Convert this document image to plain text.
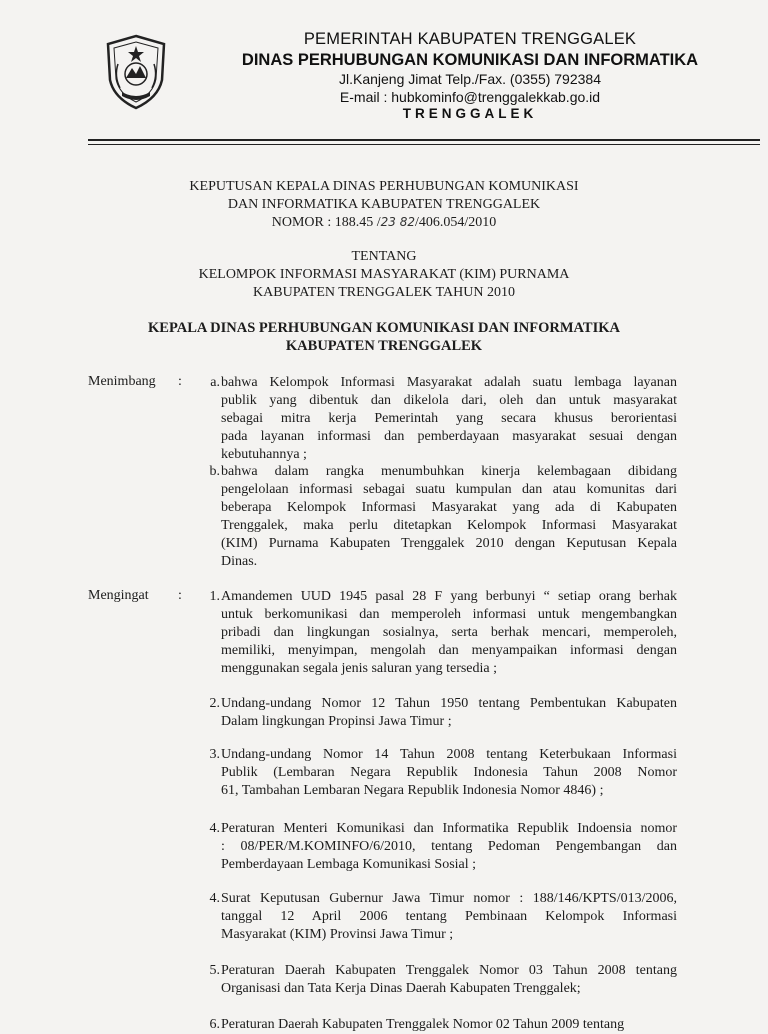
PEMERINTAH KABUPATEN TRENGGALEK
DINAS PERHUBUNGAN KOMUNIKASI DAN INFORMATIKA
Jl.Kanjeng Jimat Telp./Fax. (0355) 792384
E-mail : hubkominfo@trenggalekkab.go.id
TRENGGALEK
KEPUTUSAN KEPALA DINAS PERHUBUNGAN KOMUNIKASI
DAN INFORMATIKA KABUPATEN TRENGGALEK
NOMOR : 188.45 /23 82/406.054/2010
TENTANG
KELOMPOK INFORMASI MASYARAKAT (KIM) PURNAMA
KABUPATEN TRENGGALEK TAHUN 2010
KEPALA DINAS PERHUBUNGAN KOMUNIKASI DAN INFORMATIKA
KABUPATEN TRENGGALEK
Menimbang :
Mengingat :
a. bahwa Kelompok Informasi Masyarakat adalah suatu lembaga layanan
publik yang dibentuk dan dikelola dari, oleh dan untuk masyarakat
sebagai mitra kerja Pemerintah yang secara khusus berorientasi
pada layanan informasi dan pemberdayaan masyarakat sesuai dengan
kebutuhannya ;
b. bahwa dalam rangka menumbuhkan kinerja kelembagaan dibidang
pengelolaan informasi sebagai suatu kumpulan dan atau komunitas dari
beberapa Kelompok Informasi Masyarakat yang ada di Kabupaten
Trenggalek, maka perlu ditetapkan Kelompok Informasi Masyarakat
(KIM) Purnama Kabupaten Trenggalek 2010 dengan Keputusan Kepala
Dinas.
1. Amandemen UUD 1945 pasal 28 F yang berbunyi “ setiap orang berhak
untuk berkomunikasi dan memperoleh informasi untuk mengembangkan
pribadi dan lingkungan sosialnya, serta berhak mencari, memperoleh,
memiliki, menyimpan, mengolah dan menyampaikan informasi dengan
menggunakan segala jenis saluran yang tersedia ;
2. Undang-undang Nomor 12 Tahun 1950 tentang Pembentukan Kabupaten
Dalam lingkungan Propinsi Jawa Timur ;
3. Undang-undang Nomor 14 Tahun 2008 tentang Keterbukaan Informasi
Publik (Lembaran Negara Republik Indonesia Tahun 2008 Nomor
61, Tambahan Lembaran Negara Republik Indonesia Nomor 4846) ;
4. Peraturan Menteri Komunikasi dan Informatika Republik Indoensia nomor
: 08/PER/M.KOMINFO/6/2010, tentang Pedoman Pengembangan dan
Pemberdayaan Lembaga Komunikasi Sosial ;
4. Surat Keputusan Gubernur Jawa Timur nomor : 188/146/KPTS/013/2006,
tanggal 12 April 2006 tentang Pembinaan Kelompok Informasi
Masyarakat (KIM) Provinsi Jawa Timur ;
5. Peraturan Daerah Kabupaten Trenggalek Nomor 03 Tahun 2008 tentang
Organisasi dan Tata Kerja Dinas Daerah Kabupaten Trenggalek;
6. Peraturan Daerah Kabupaten Trenggalek Nomor 02 Tahun 2009 tentang
